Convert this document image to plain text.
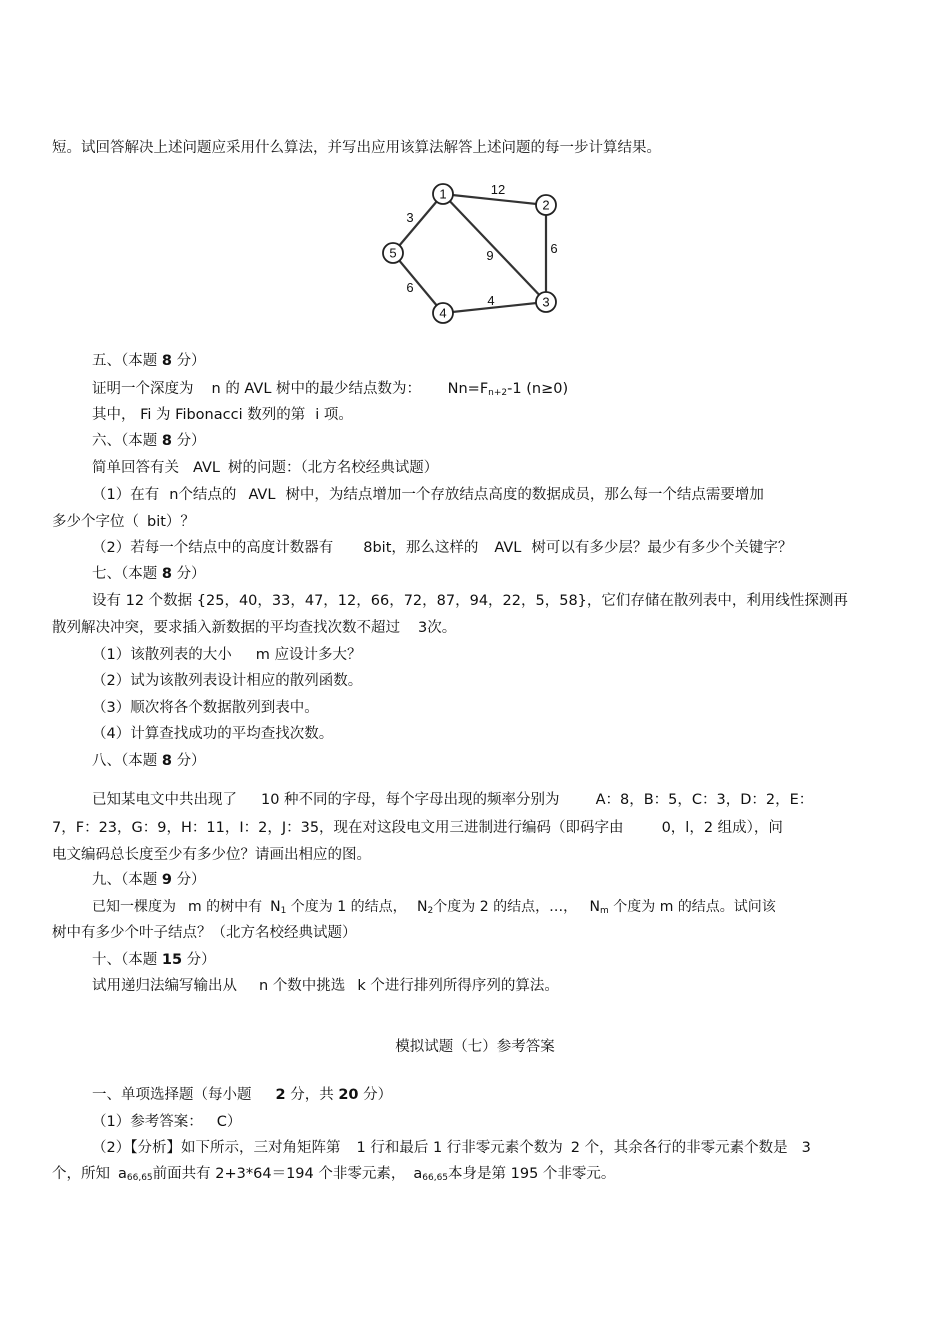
短。试回答解决上述问题应采用什么算法，并写出应用该算法解答上述问题的每一步计算结果。
12
3
9	6
6
4
1
2
3
4
5
五、（本题 8 分）
证明一个深度为 n 的 AVL 树中的最少结点数为： $Nn=F_{n+2}-1$ (n≥0)
其中， Fi 为 Fibonacci 数列的第 i 项。
六、（本题 8 分）
简单回答有关 AVL 树的问题：（北方名校经典试题）
（1）在有 n个结点的 AVL 树中，为结点增加一个存放结点高度的数据成员，那么每一个结点需要增加
多少个字位（ bit）？
（2）若每一个结点中的高度计数器有 8bit，那么这样的 AVL 树可以有多少层？最少有多少个关键字？
七、（本题 8 分）
设有 12 个数据 {25，40，33，47，12，66，72，87，94，22，5，58}，它们存储在散列表中，利用线性探测再
散列解决冲突，要求插入新数据的平均查找次数不超过 3次。
（1）该散列表的大小 m 应设计多大？
（2）试为该散列表设计相应的散列函数。
（3）顺次将各个数据散列到表中。
（4）计算查找成功的平均查找次数。
八、（本题 8 分）
已知某电文中共出现了 10 种不同的字母，每个字母出现的频率分别为 A：8，B：5，C：3，D：2，E：
7，F：23，G：9，H：11，I：2，J：35，现在对这段电文用三进制进行编码（即码字由	0，l，2 组成），问
电文编码总长度至少有多少位？请画出相应的图。
九、（本题 9 分）
已知一棵度为 m 的树中有 $N_1$ 个度为 1 的结点， $N_2$个度为 2 的结点，…， $N_m$ 个度为 m 的结点。试问该
树中有多少个叶子结点？（北方名校经典试题）
十、（本题 15 分）
试用递归法编写输出从 n 个数中挑选 k 个进行排列所得序列的算法。
模拟试题（七）参考答案
一、单项选择题（每小题 2 分，共 20 分）
（1）参考答案： C）
（2）【分析】如下所示，三对角矩阵第 1 行和最后 1 行非零元素个数为 2 个，其余各行的非零元素个数是 3
个，所知 $a_{66,65}$前面共有 2+3*64＝194 个非零元素， $a_{66,65}$本身是第 195 个非零元。
